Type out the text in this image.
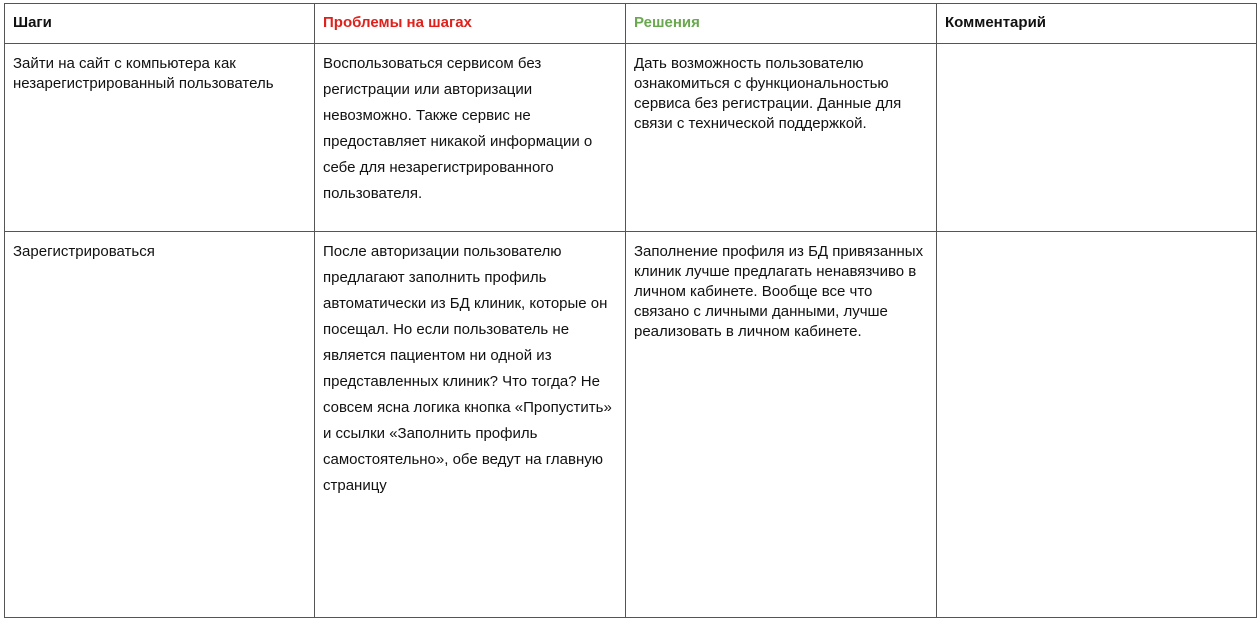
Шаги	Проблемы на шагах	Решения	Комментарий

Зайти на сайт с компьютера как незарегистрированный пользователь	Воспользоваться сервисом без регистрации или авторизации невозможно. Также сервис не предоставляет никакой информации о себе для незарегистрированного пользователя.	Дать возможность пользователю ознакомиться с функциональностью сервиса без регистрации. Данные для связи с технической поддержкой.	

Зарегистрироваться	После авторизации пользователю предлагают заполнить профиль автоматически из БД клиник, которые он посещал. Но если пользователь не является пациентом ни одной из представленных клиник? Что тогда? Не совсем ясна логика кнопка «Пропустить» и ссылки «Заполнить профиль самостоятельно», обе ведут на главную страницу	Заполнение профиля из БД привязанных клиник лучше предлагать ненавязчиво в личном кабинете. Вообще все что связано с личными данными, лучше реализовать в личном кабинете.	
